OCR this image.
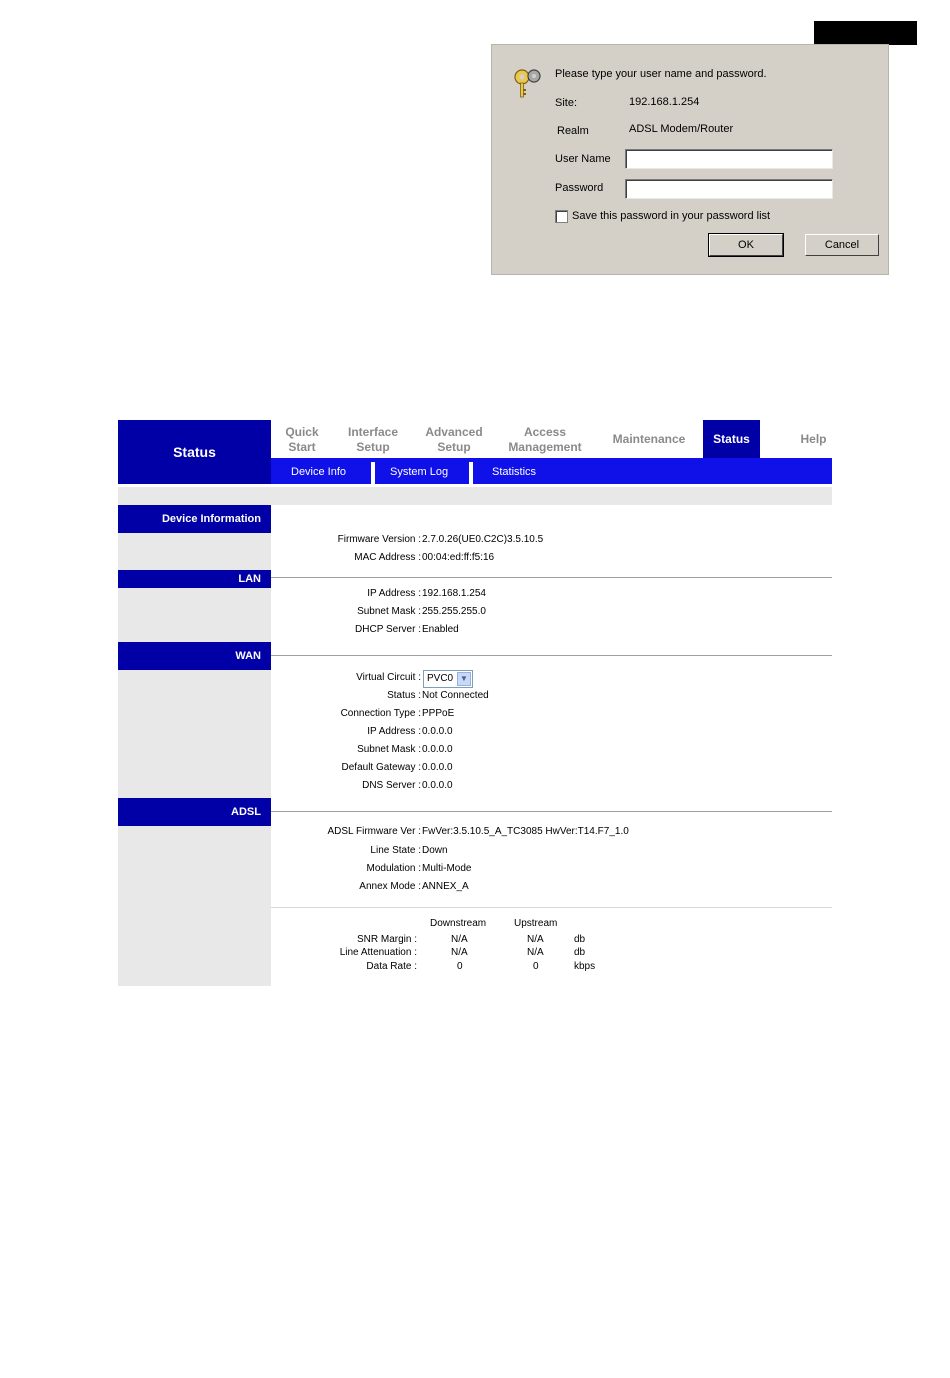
Please type your user name and password.
Site:	192.168.1.254
Realm	ADSL Modem/Router
User Name
Password
Save this password in your password list
OK	Cancel
Status
Quick
Start
Interface
Setup
Advanced
Setup
Access
Management
Maintenance	Status	Help
Device Info	System Log	Statistics
Device Information
Firmware Version : 2.7.0.26(UE0.C2C)3.5.10.5
MAC Address : 00:04:ed:ff:f5:16
LAN
IP Address : 192.168.1.254
Subnet Mask : 255.255.255.0
DHCP Server : Enabled
WAN
Virtual Circuit : PVC0 ▼
Status : Not Connected
Connection Type : PPPoE
IP Address : 0.0.0.0
Subnet Mask : 0.0.0.0
Default Gateway : 0.0.0.0
DNS Server : 0.0.0.0
ADSL
ADSL Firmware Ver : FwVer:3.5.10.5_A_TC3085 HwVer:T14.F7_1.0
Line State : Down
Modulation : Multi-Mode
Annex Mode : ANNEX_A
Downstream	Upstream
SNR Margin :	N/A	N/A	db
Line Attenuation :	N/A	N/A	db
Data Rate :	0	0	kbps
